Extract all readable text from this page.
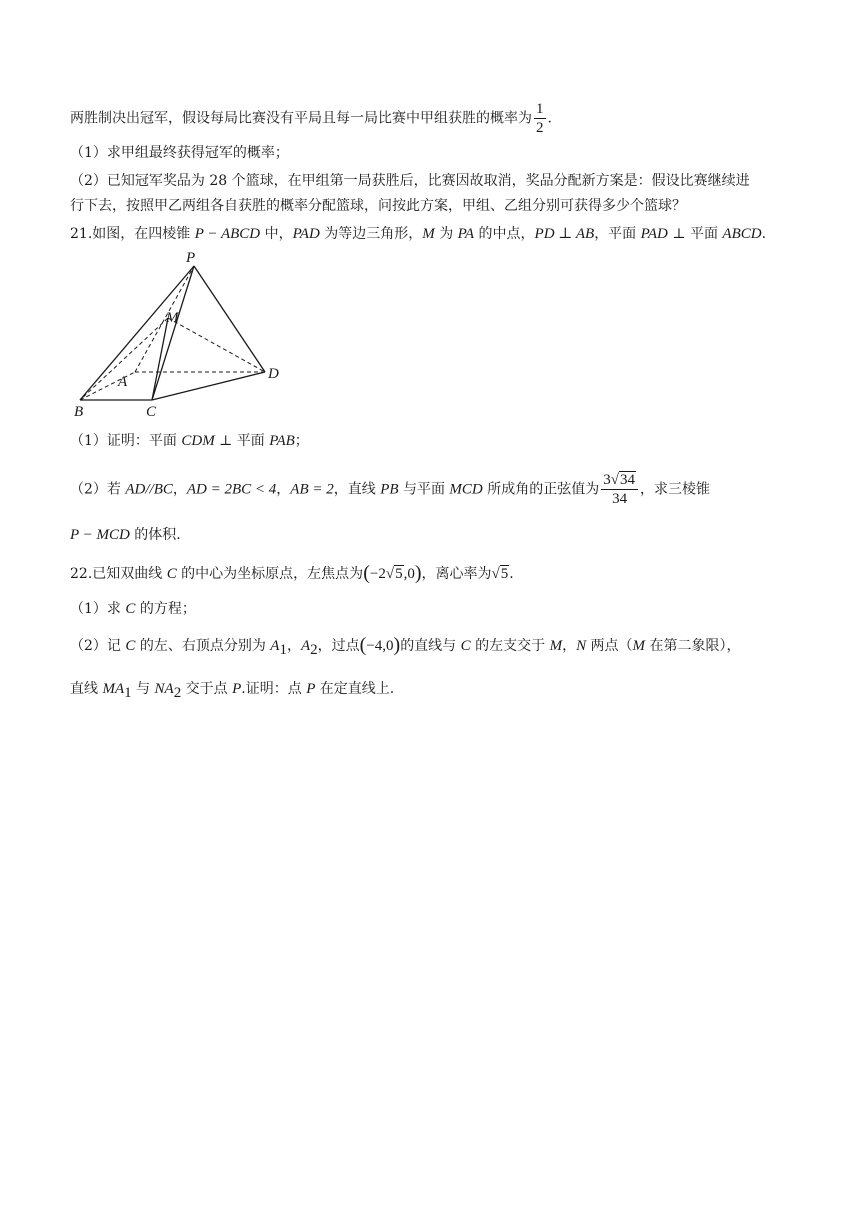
两胜制决出冠军，假设每局比赛没有平局且每一局比赛中甲组获胜的概率为 $\frac{1}{2}$ .
（1）求甲组最终获得冠军的概率；
（2）已知冠军奖品为 28 个篮球，在甲组第一局获胜后，比赛因故取消，奖品分配新方案是：假设比赛继续进
行下去，按照甲乙两组各自获胜的概率分配篮球，问按此方案，甲组、乙组分别可获得多少个篮球？
21.如图，在四棱锥 P − ABCD 中，PAD 为等边三角形，M 为 PA 的中点，PD ⊥ AB，平面 PAD ⊥ 平面 ABCD.
P
M
A	D
B	C
（1）证明：平面 CDM ⊥ 平面 PAB；
（2）若 AD//BC，AD = 2BC < 4，AB = 2，直线 PB 与平面 MCD 所成角的正弦值为 $\frac{3√34}{34}$ ，求三棱锥
P − MCD 的体积.
22.已知双曲线 C 的中心为坐标原点，左焦点为(−2√5,0)，离心率为√5.
（1）求 C 的方程；
（2）记 C 的左、右顶点分别为 $A_1$，$A_2$，过点(−4,0)的直线与 C 的左支交于 M，N 两点（M 在第二象限），
直线 $MA_1$ 与 $NA_2$ 交于点 P.证明：点 P 在定直线上.
